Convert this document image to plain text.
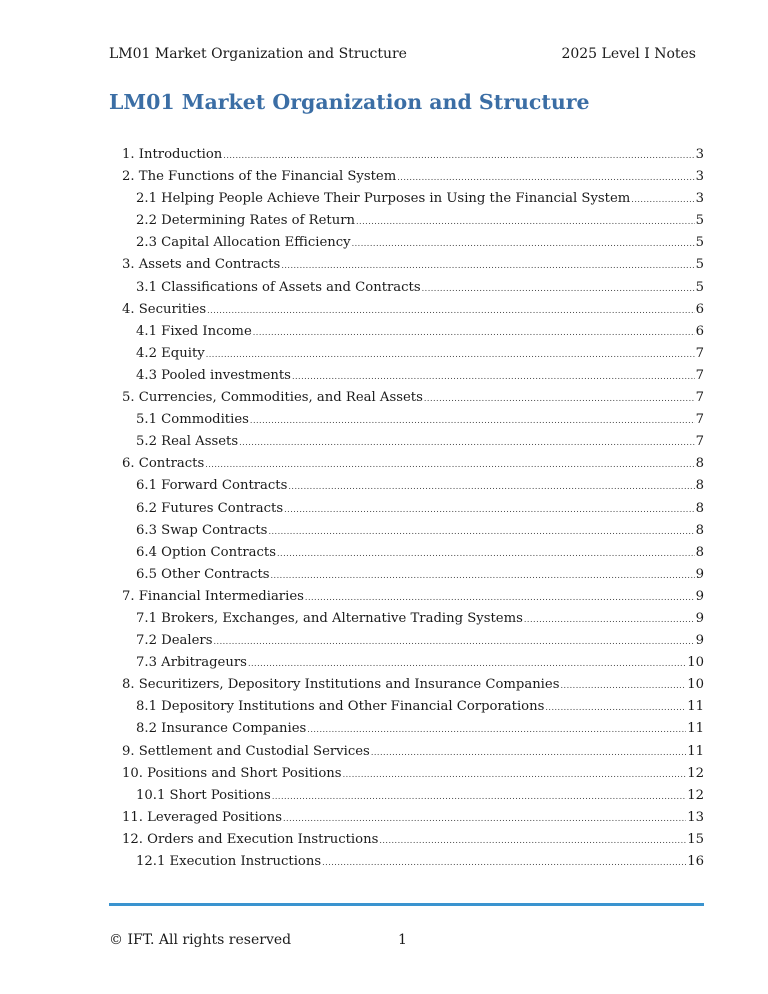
LM01 Market Organization and Structure	2025 Level I Notes
LM01 Market Organization and Structure
1. Introduction .....	3
2. The Functions of the Financial System .....	3
2.1 Helping People Achieve Their Purposes in Using the Financial System .....	3
2.2 Determining Rates of Return .....	5
2.3 Capital Allocation Efficiency .....	5
3. Assets and Contracts .....	5
3.1 Classifications of Assets and Contracts .....	5
4. Securities .....	6
4.1 Fixed Income .....	6
4.2 Equity .....	7
4.3 Pooled investments .....	7
5. Currencies, Commodities, and Real Assets .....	7
5.1 Commodities .....	7
5.2 Real Assets .....	7
6. Contracts .....	8
6.1 Forward Contracts .....	8
6.2 Futures Contracts .....	8
6.3 Swap Contracts .....	8
6.4 Option Contracts .....	8
6.5 Other Contracts .....	9
7. Financial Intermediaries .....	9
7.1 Brokers, Exchanges, and Alternative Trading Systems .....	9
7.2 Dealers .....	9
7.3 Arbitrageurs .....	10
8. Securitizers, Depository Institutions and Insurance Companies .....	10
8.1 Depository Institutions and Other Financial Corporations .....	11
8.2 Insurance Companies .....	11
9. Settlement and Custodial Services .....	11
10. Positions and Short Positions .....	12
10.1 Short Positions .....	12
11. Leveraged Positions .....	13
12. Orders and Execution Instructions .....	15
12.1 Execution Instructions .....	16
© IFT. All rights reserved	1
